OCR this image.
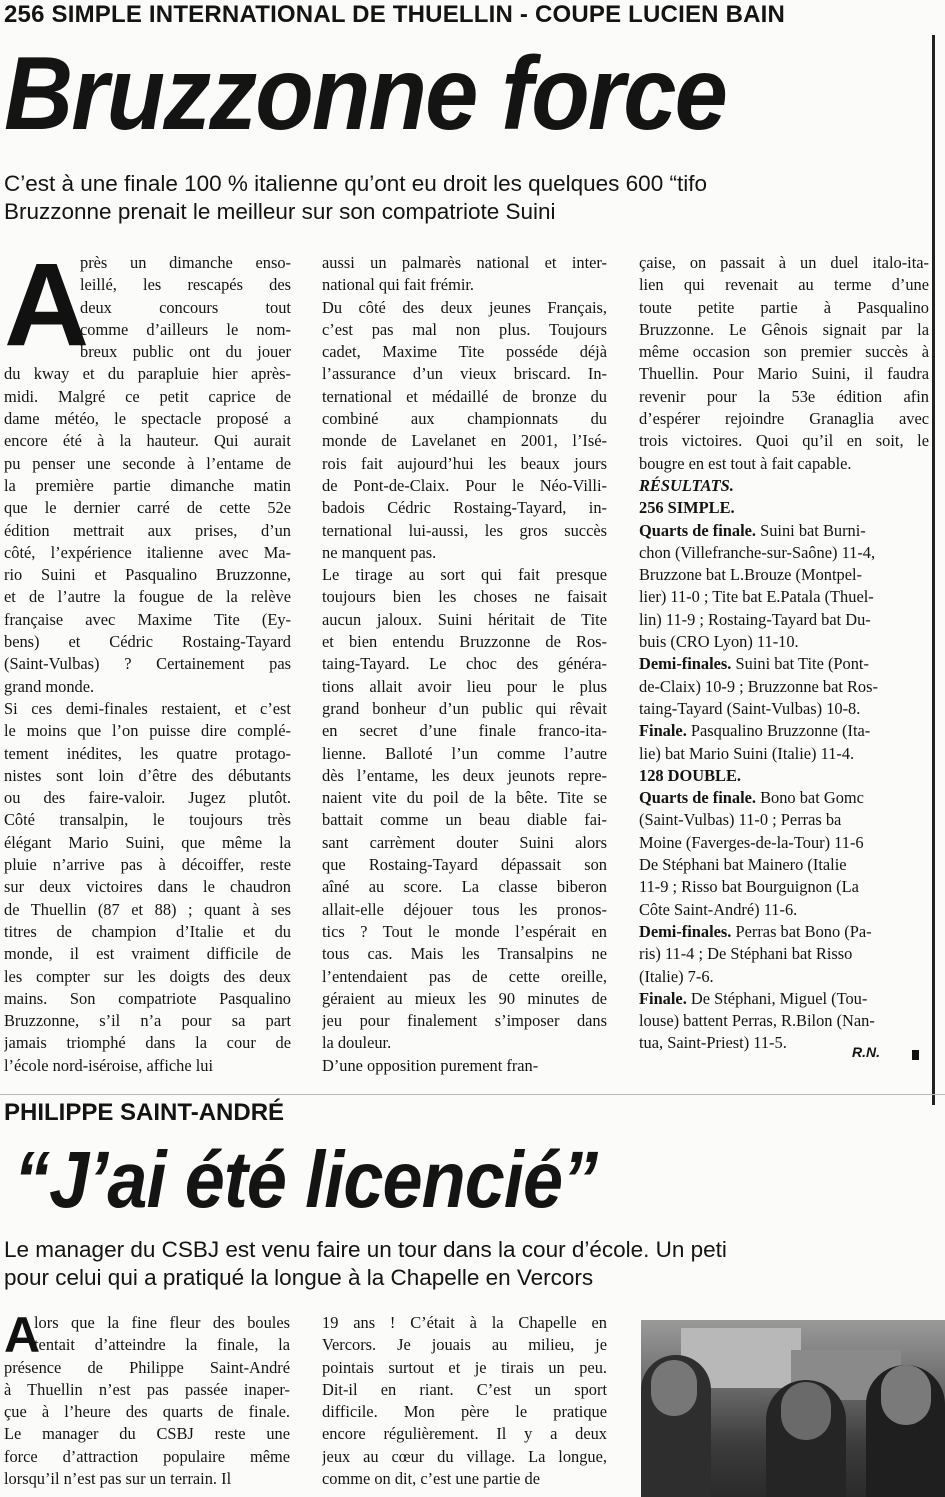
256 SIMPLE INTERNATIONAL DE THUELLIN - COUPE LUCIEN BAIN
Bruzzonne force
C’est à une finale 100 % italienne qu’ont eu droit les quelques 600 “tifo
Bruzzonne prenait le meilleur sur son compatriote Suini
A
près un dimanche enso-
leillé, les rescapés des
deux concours tout
comme d’ailleurs le nom-
breux public ont du jouer
du kway et du parapluie hier après-
midi. Malgré ce petit caprice de
dame météo, le spectacle proposé a
encore été à la hauteur. Qui aurait
pu penser une seconde à l’entame de
la première partie dimanche matin
que le dernier carré de cette 52e
édition mettrait aux prises, d’un
côté, l’expérience italienne avec Ma-
rio Suini et Pasqualino Bruzzonne,
et de l’autre la fougue de la relève
française avec Maxime Tite (Ey-
bens) et Cédric Rostaing-Tayard
(Saint-Vulbas) ? Certainement pas
grand monde.
Si ces demi-finales restaient, et c’est
le moins que l’on puisse dire complé-
tement inédites, les quatre protago-
nistes sont loin d’être des débutants
ou des faire-valoir. Jugez plutôt.
Côté transalpin, le toujours très
élégant Mario Suini, que même la
pluie n’arrive pas à décoiffer, reste
sur deux victoires dans le chaudron
de Thuellin (87 et 88) ; quant à ses
titres de champion d’Italie et du
monde, il est vraiment difficile de
les compter sur les doigts des deux
mains. Son compatriote Pasqualino
Bruzzonne, s’il n’a pour sa part
jamais triomphé dans la cour de
l’école nord-iséroise, affiche lui
aussi un palmarès national et inter-
national qui fait frémir.
Du côté des deux jeunes Français,
c’est pas mal non plus. Toujours
cadet, Maxime Tite posséde déjà
l’assurance d’un vieux briscard. In-
ternational et médaillé de bronze du
combiné aux championnats du
monde de Lavelanet en 2001, l’Isé-
rois fait aujourd’hui les beaux jours
de Pont-de-Claix. Pour le Néo-Villi-
badois Cédric Rostaing-Tayard, in-
ternational lui-aussi, les gros succès
ne manquent pas.
Le tirage au sort qui fait presque
toujours bien les choses ne faisait
aucun jaloux. Suini héritait de Tite
et bien entendu Bruzzonne de Ros-
taing-Tayard. Le choc des généra-
tions allait avoir lieu pour le plus
grand bonheur d’un public qui rêvait
en secret d’une finale franco-ita-
lienne. Balloté l’un comme l’autre
dès l’entame, les deux jeunots repre-
naient vite du poil de la bête. Tite se
battait comme un beau diable fai-
sant carrèment douter Suini alors
que Rostaing-Tayard dépassait son
aîné au score. La classe biberon
allait-elle déjouer tous les pronos-
tics ? Tout le monde l’espérait en
tous cas. Mais les Transalpins ne
l’entendaient pas de cette oreille,
géraient au mieux les 90 minutes de
jeu pour finalement s’imposer dans
la douleur.
D’une opposition purement fran-
çaise, on passait à un duel italo-ita-
lien qui revenait au terme d’une
toute petite partie à Pasqualino
Bruzzonne. Le Gênois signait par la
même occasion son premier succès à
Thuellin. Pour Mario Suini, il faudra
revenir pour la 53e édition afin
d’espérer rejoindre Granaglia avec
trois victoires. Quoi qu’il en soit, le
bougre en est tout à fait capable.
RÉSULTATS.
256 SIMPLE.
Quarts de finale. Suini bat Burni-
chon (Villefranche-sur-Saône) 11-4,
Bruzzone bat L.Brouze (Montpel-
lier) 11-0 ; Tite bat E.Patala (Thuel-
lin) 11-9 ; Rostaing-Tayard bat Du-
buis (CRO Lyon) 11-10.
Demi-finales. Suini bat Tite (Pont-
de-Claix) 10-9 ; Bruzzonne bat Ros-
taing-Tayard (Saint-Vulbas) 10-8.
Finale. Pasqualino Bruzzonne (Ita-
lie) bat Mario Suini (Italie) 11-4.
128 DOUBLE.
Quarts de finale. Bono bat Gomc
(Saint-Vulbas) 11-0 ; Perras ba
Moine (Faverges-de-la-Tour) 11-6
De Stéphani bat Mainero (Italie
11-9 ; Risso bat Bourguignon (La
Côte Saint-André) 11-6.
Demi-finales. Perras bat Bono (Pa-
ris) 11-4 ; De Stéphani bat Risso
(Italie) 7-6.
Finale. De Stéphani, Miguel (Tou-
louse) battent Perras, R.Bilon (Nan-
tua, Saint-Priest) 11-5.	R.N.
PHILIPPE SAINT-ANDRÉ
“J’ai été licencié”
Le manager du CSBJ est venu faire un tour dans la cour d’école. Un peti
pour celui qui a pratiqué la longue à la Chapelle en Vercors
A
lors que la fine fleur des boules
tentait d’atteindre la finale, la
présence de Philippe Saint-André
à Thuellin n’est pas passée inaper-
çue à l’heure des quarts de finale.
Le manager du CSBJ reste une
force d’attraction populaire même
lorsqu’il n’est pas sur un terrain. Il
19 ans ! C’était à la Chapelle en
Vercors. Je jouais au milieu, je
pointais surtout et je tirais un peu.
Dit-il en riant. C’est un sport
difficile. Mon père le pratique
encore régulièrement. Il y a deux
jeux au cœur du village. La longue,
comme on dit, c’est une partie de
